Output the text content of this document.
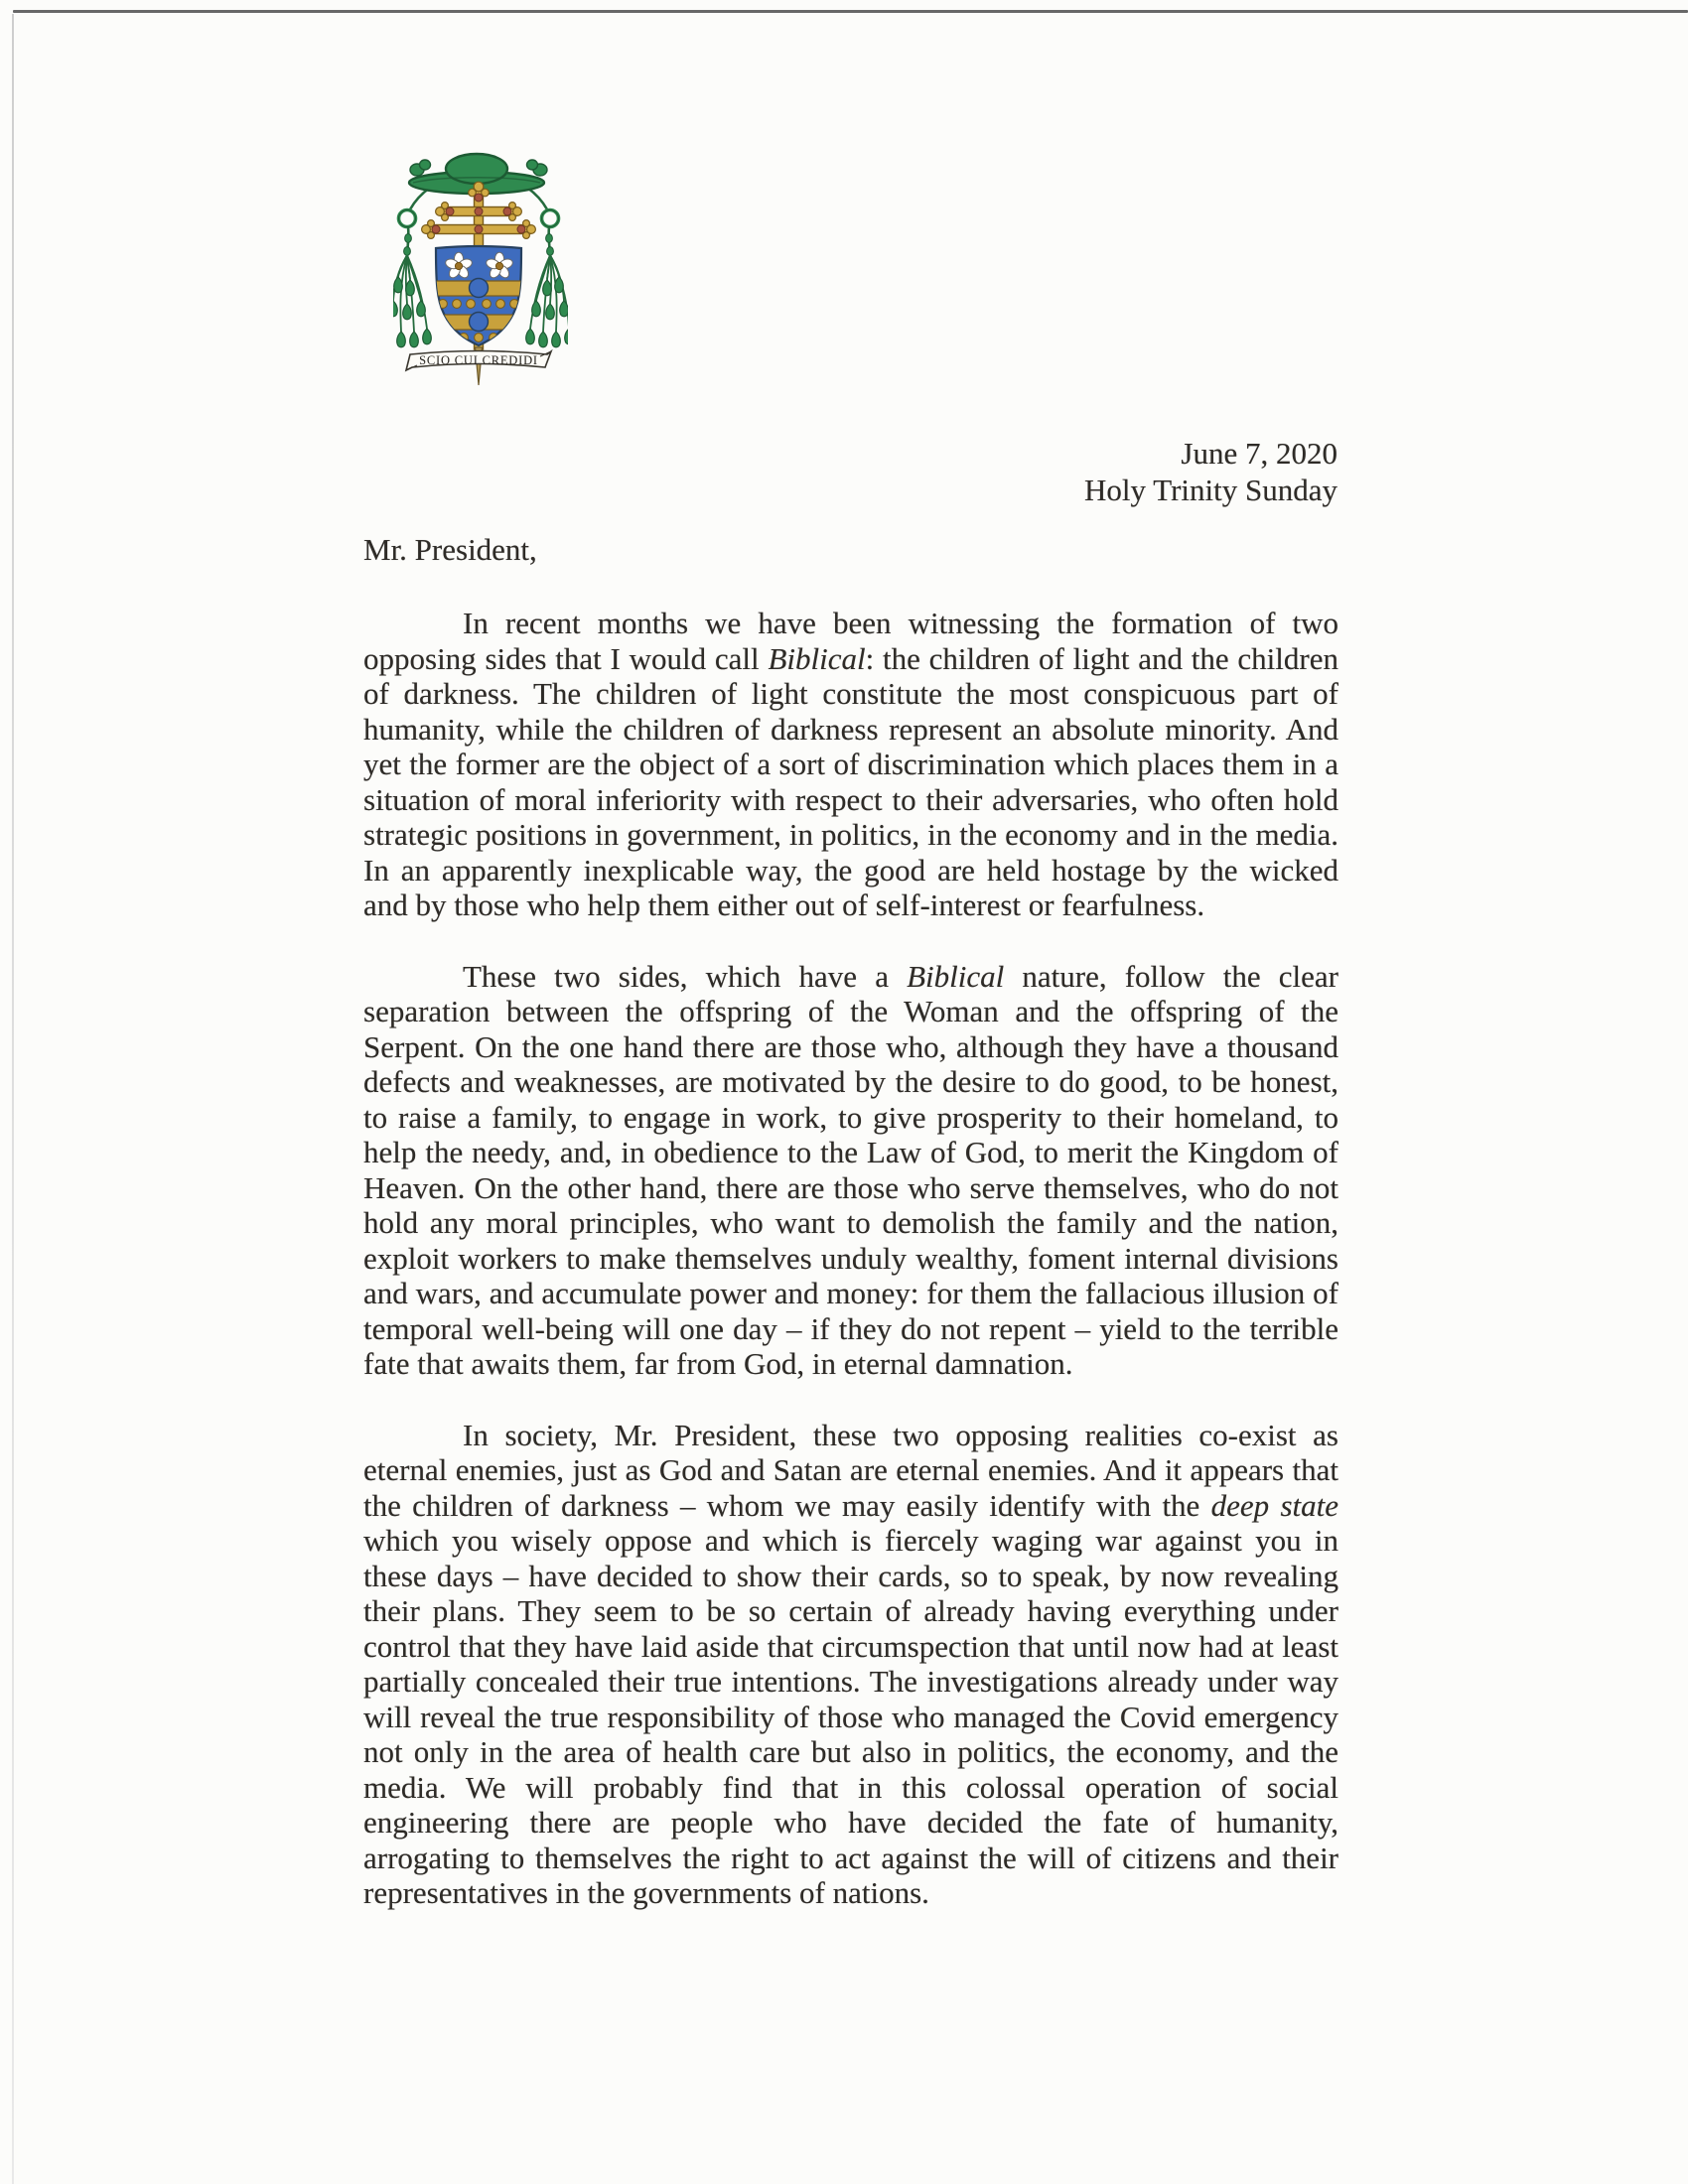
SCIO CUI CREDIDI
June 7, 2020
Holy Trinity Sunday
Mr. President,

In recent months we have been witnessing the formation of two opposing sides that I would call Biblical: the children of light and the children of darkness. The children of light constitute the most conspicuous part of humanity, while the children of darkness represent an absolute minority. And yet the former are the object of a sort of discrimination which places them in a situation of moral inferiority with respect to their adversaries, who often hold strategic positions in government, in politics, in the economy and in the media. In an apparently inexplicable way, the good are held hostage by the wicked and by those who help them either out of self-interest or fearfulness.

These two sides, which have a Biblical nature, follow the clear separation between the offspring of the Woman and the offspring of the Serpent. On the one hand there are those who, although they have a thousand defects and weaknesses, are motivated by the desire to do good, to be honest, to raise a family, to engage in work, to give prosperity to their homeland, to help the needy, and, in obedience to the Law of God, to merit the Kingdom of Heaven. On the other hand, there are those who serve themselves, who do not hold any moral principles, who want to demolish the family and the nation, exploit workers to make themselves unduly wealthy, foment internal divisions and wars, and accumulate power and money: for them the fallacious illusion of temporal well-being will one day – if they do not repent – yield to the terrible fate that awaits them, far from God, in eternal damnation.

In society, Mr. President, these two opposing realities co-exist as eternal enemies, just as God and Satan are eternal enemies. And it appears that the children of darkness – whom we may easily identify with the deep state which you wisely oppose and which is fiercely waging war against you in these days – have decided to show their cards, so to speak, by now revealing their plans. They seem to be so certain of already having everything under control that they have laid aside that circumspection that until now had at least partially concealed their true intentions. The investigations already under way will reveal the true responsibility of those who managed the Covid emergency not only in the area of health care but also in politics, the economy, and the media. We will probably find that in this colossal operation of social engineering there are people who have decided the fate of humanity, arrogating to themselves the right to act against the will of citizens and their representatives in the governments of nations.
